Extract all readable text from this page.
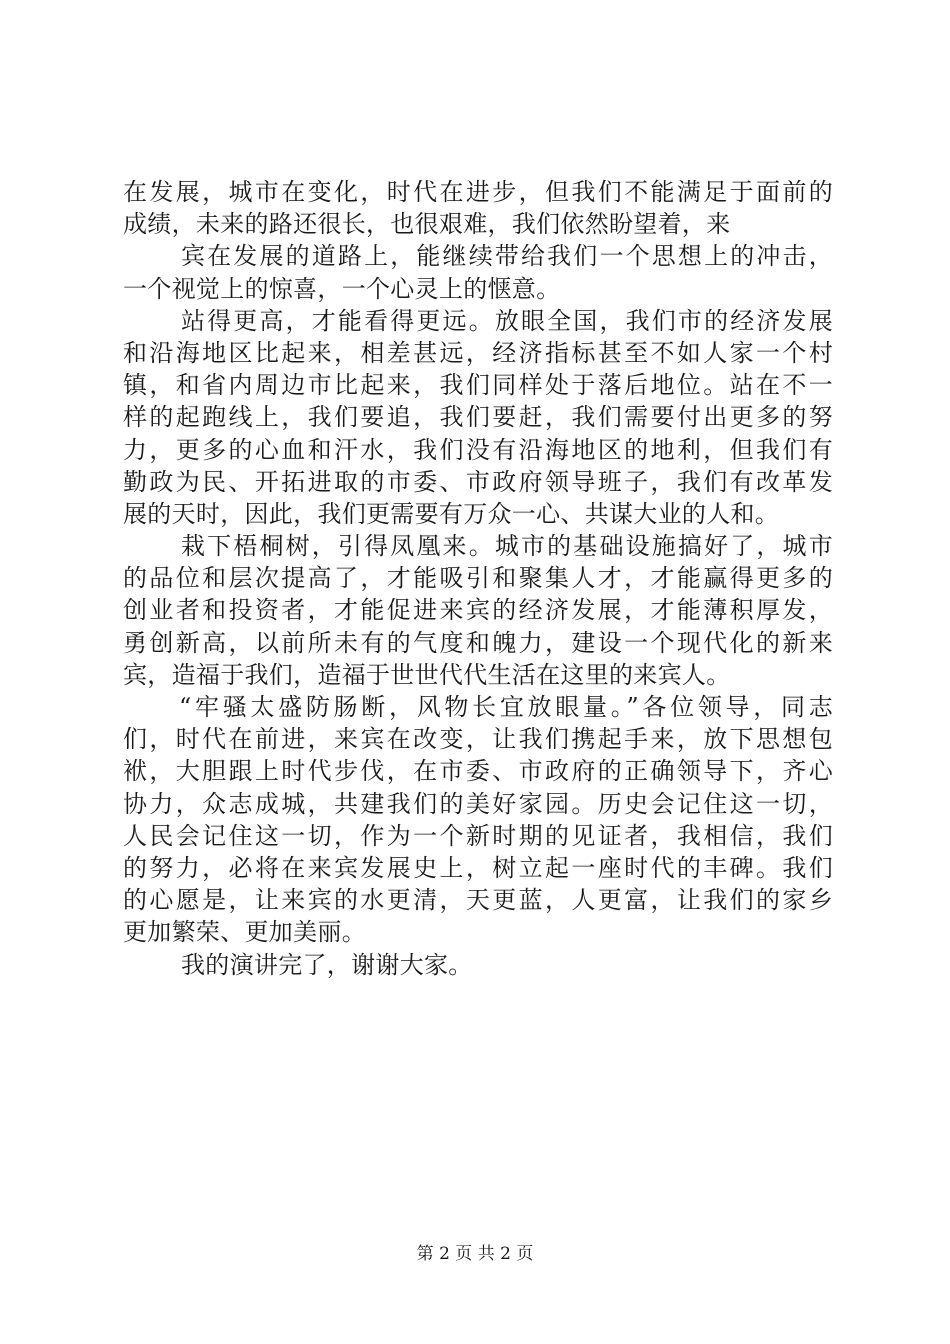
在发展，城市在变化，时代在进步，但我们不能满足于面前的
成绩，未来的路还很长，也很艰难，我们依然盼望着，来
宾在发展的道路上，能继续带给我们一个思想上的冲击，
一个视觉上的惊喜，一个心灵上的惬意。
站得更高，才能看得更远。放眼全国，我们市的经济发展
和沿海地区比起来，相差甚远，经济指标甚至不如人家一个村
镇，和省内周边市比起来，我们同样处于落后地位。站在不一
样的起跑线上，我们要追，我们要赶，我们需要付出更多的努
力，更多的心血和汗水，我们没有沿海地区的地利，但我们有
勤政为民、开拓进取的市委、市政府领导班子，我们有改革发
展的天时，因此，我们更需要有万众一心、共谋大业的人和。
栽下梧桐树，引得凤凰来。城市的基础设施搞好了，城市
的品位和层次提高了，才能吸引和聚集人才，才能赢得更多的
创业者和投资者，才能促进来宾的经济发展，才能薄积厚发，
勇创新高，以前所未有的气度和魄力，建设一个现代化的新来
宾，造福于我们，造福于世世代代生活在这里的来宾人。
“牢骚太盛防肠断，风物长宜放眼量。”各位领导，同志
们，时代在前进，来宾在改变，让我们携起手来，放下思想包
袱，大胆跟上时代步伐，在市委、市政府的正确领导下，齐心
协力，众志成城，共建我们的美好家园。历史会记住这一切，
人民会记住这一切，作为一个新时期的见证者，我相信，我们
的努力，必将在来宾发展史上，树立起一座时代的丰碑。我们
的心愿是，让来宾的水更清，天更蓝，人更富，让我们的家乡
更加繁荣、更加美丽。
我的演讲完了，谢谢大家。
第 2 页 共 2 页
